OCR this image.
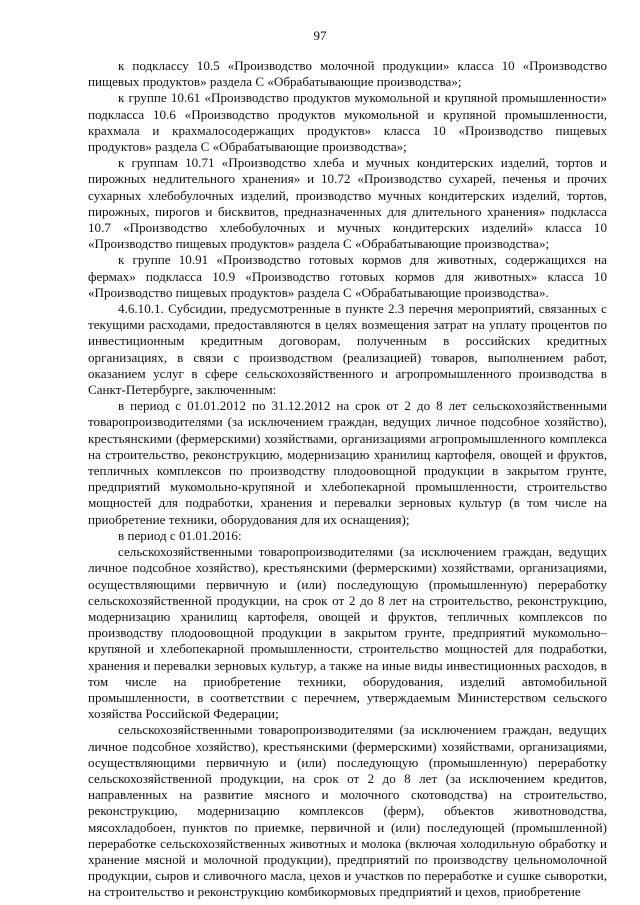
97

к подклассу 10.5 «Производство молочной продукции» класса 10 «Производство пищевых продуктов» раздела С «Обрабатывающие производства»;

к группе 10.61 «Производство продуктов мукомольной и крупяной промышленности» подкласса 10.6 «Производство продуктов мукомольной и крупяной промышленности, крахмала и крахмалосодержащих продуктов» класса 10 «Производство пищевых продуктов» раздела С «Обрабатывающие производства»;

к группам 10.71 «Производство хлеба и мучных кондитерских изделий, тортов и пирожных недлительного хранения» и 10.72 «Производство сухарей, печенья и прочих сухарных хлебобулочных изделий, производство мучных кондитерских изделий, тортов, пирожных, пирогов и бисквитов, предназначенных для длительного хранения» подкласса 10.7 «Производство хлебобулочных и мучных кондитерских изделий» класса 10 «Производство пищевых продуктов» раздела С «Обрабатывающие производства»;

к группе 10.91 «Производство готовых кормов для животных, содержащихся на фермах» подкласса 10.9 «Производство готовых кормов для животных» класса 10 «Производство пищевых продуктов» раздела С «Обрабатывающие производства».

4.6.10.1. Субсидии, предусмотренные в пункте 2.3 перечня мероприятий, связанных с текущими расходами, предоставляются в целях возмещения затрат на уплату процентов по инвестиционным кредитным договорам, полученным в российских кредитных организациях, в связи с производством (реализацией) товаров, выполнением работ, оказанием услуг в сфере сельскохозяйственного и агропромышленного производства в Санкт-Петербурге, заключенным:

в период с 01.01.2012 по 31.12.2012 на срок от 2 до 8 лет сельскохозяйственными товаропроизводителями (за исключением граждан, ведущих личное подсобное хозяйство), крестьянскими (фермерскими) хозяйствами, организациями агропромышленного комплекса на строительство, реконструкцию, модернизацию хранилищ картофеля, овощей и фруктов, тепличных комплексов по производству плодоовощной продукции в закрытом грунте, предприятий мукомольно-крупяной и хлебопекарной промышленности, строительство мощностей для подработки, хранения и перевалки зерновых культур (в том числе на приобретение техники, оборудования для их оснащения);

в период с 01.01.2016:

сельскохозяйственными товаропроизводителями (за исключением граждан, ведущих личное подсобное хозяйство), крестьянскими (фермерскими) хозяйствами, организациями, осуществляющими первичную и (или) последующую (промышленную) переработку сельскохозяйственной продукции, на срок от 2 до 8 лет на строительство, реконструкцию, модернизацию хранилищ картофеля, овощей и фруктов, тепличных комплексов по производству плодоовощной продукции в закрытом грунте, предприятий мукомольно–крупяной и хлебопекарной промышленности, строительство мощностей для подработки, хранения и перевалки зерновых культур, а также на иные виды инвестиционных расходов, в том числе на приобретение техники, оборудования, изделий автомобильной промышленности, в соответствии с перечнем, утверждаемым Министерством сельского хозяйства Российской Федерации;

сельскохозяйственными товаропроизводителями (за исключением граждан, ведущих личное подсобное хозяйство), крестьянскими (фермерскими) хозяйствами, организациями, осуществляющими первичную и (или) последующую (промышленную) переработку сельскохозяйственной продукции, на срок от 2 до 8 лет (за исключением кредитов, направленных на развитие мясного и молочного скотоводства) на строительство, реконструкцию, модернизацию комплексов (ферм), объектов животноводства, мясохладобоен, пунктов по приемке, первичной и (или) последующей (промышленной) переработке сельскохозяйственных животных и молока (включая холодильную обработку и хранение мясной и молочной продукции), предприятий по производству цельномолочной продукции, сыров и сливочного масла, цехов и участков по переработке и сушке сыворотки, на строительство и реконструкцию комбикормовых предприятий и цехов, приобретение
